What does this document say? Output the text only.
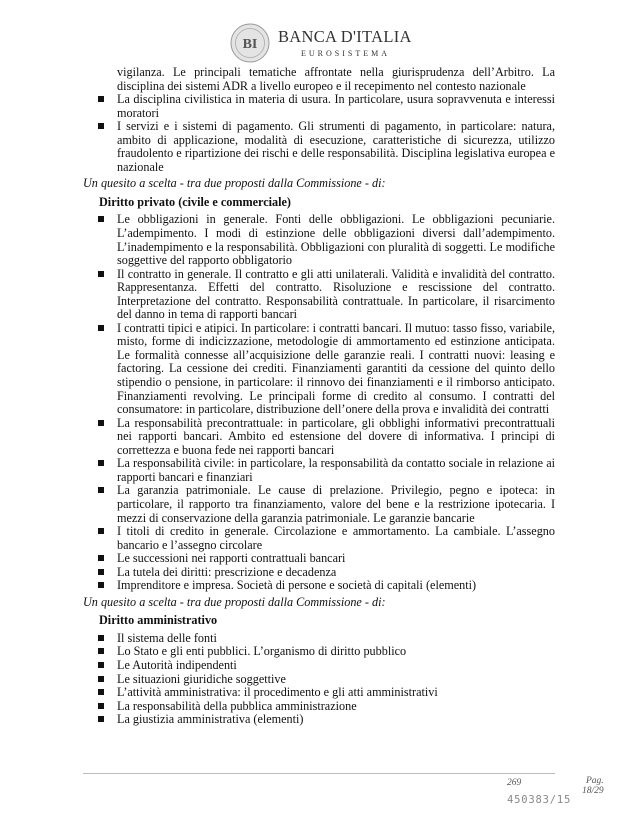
BI BANCA D'ITALIA
EUROSISTEMA
vigilanza. Le principali tematiche affrontate nella giurisprudenza dell’Arbitro. La disciplina dei sistemi ADR a livello europeo e il recepimento nel contesto nazionale
La disciplina civilistica in materia di usura. In particolare, usura sopravvenuta e interessi moratori
I servizi e i sistemi di pagamento. Gli strumenti di pagamento, in particolare: natura, ambito di applicazione, modalità di esecuzione, caratteristiche di sicurezza, utilizzo fraudolento e ripartizione dei rischi e delle responsabilità. Disciplina legislativa europea e nazionale
Un quesito a scelta - tra due proposti dalla Commissione - di:
Diritto privato (civile e commerciale)
Le obbligazioni in generale. Fonti delle obbligazioni. Le obbligazioni pecuniarie. L’adempimento. I modi di estinzione delle obbligazioni diversi dall’adempimento. L’inadempimento e la responsabilità. Obbligazioni con pluralità di soggetti. Le modifiche soggettive del rapporto obbligatorio
Il contratto in generale. Il contratto e gli atti unilaterali. Validità e invalidità del contratto. Rappresentanza. Effetti del contratto. Risoluzione e rescissione del contratto. Interpretazione del contratto. Responsabilità contrattuale. In particolare, il risarcimento del danno in tema di rapporti bancari
I contratti tipici e atipici. In particolare: i contratti bancari. Il mutuo: tasso fisso, variabile, misto, forme di indicizzazione, metodologie di ammortamento ed estinzione anticipata. Le formalità connesse all’acquisizione delle garanzie reali. I contratti nuovi: leasing e factoring. La cessione dei crediti. Finanziamenti garantiti da cessione del quinto dello stipendio o pensione, in particolare: il rinnovo dei finanziamenti e il rimborso anticipato. Finanziamenti revolving. Le principali forme di credito al consumo. I contratti del consumatore: in particolare, distribuzione dell’onere della prova e invalidità dei contratti
La responsabilità precontrattuale: in particolare, gli obblighi informativi precontrattuali nei rapporti bancari. Ambito ed estensione del dovere di informativa. I principi di correttezza e buona fede nei rapporti bancari
La responsabilità civile: in particolare, la responsabilità da contatto sociale in relazione ai rapporti bancari e finanziari
La garanzia patrimoniale. Le cause di prelazione. Privilegio, pegno e ipoteca: in particolare, il rapporto tra finanziamento, valore del bene e la restrizione ipotecaria. I mezzi di conservazione della garanzia patrimoniale. Le garanzie bancarie
I titoli di credito in generale. Circolazione e ammortamento. La cambiale. L’assegno bancario e l’assegno circolare
Le successioni nei rapporti contrattuali bancari
La tutela dei diritti: prescrizione e decadenza
Imprenditore e impresa. Società di persone e società di capitali (elementi)
Un quesito a scelta - tra due proposti dalla Commissione - di:
Diritto amministrativo
Il sistema delle fonti
Lo Stato e gli enti pubblici. L’organismo di diritto pubblico
Le Autorità indipendenti
Le situazioni giuridiche soggettive
L’attività amministrativa: il procedimento e gli atti amministrativi
La responsabilità della pubblica amministrazione
La giustizia amministrativa (elementi)
269	Pag.
18/29
450383/15
